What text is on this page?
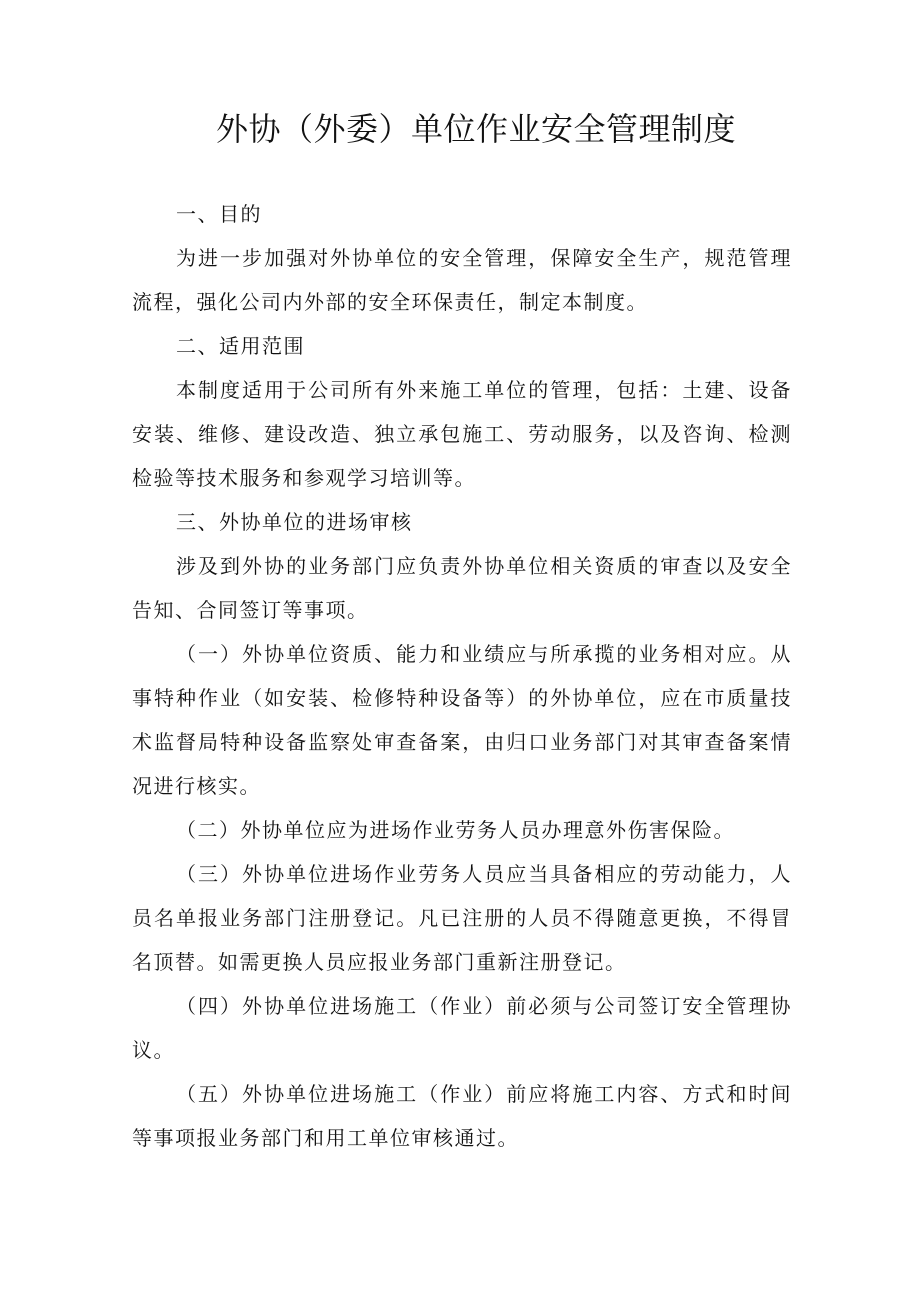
外协（外委）单位作业安全管理制度

一、目的

为进一步加强对外协单位的安全管理，保障安全生产，规范管理流程，强化公司内外部的安全环保责任，制定本制度。

二、适用范围

本制度适用于公司所有外来施工单位的管理，包括：土建、设备安装、维修、建设改造、独立承包施工、劳动服务，以及咨询、检测检验等技术服务和参观学习培训等。

三、外协单位的进场审核

涉及到外协的业务部门应负责外协单位相关资质的审查以及安全告知、合同签订等事项。

（一）外协单位资质、能力和业绩应与所承揽的业务相对应。从事特种作业（如安装、检修特种设备等）的外协单位，应在市质量技术监督局特种设备监察处审查备案，由归口业务部门对其审查备案情况进行核实。

（二）外协单位应为进场作业劳务人员办理意外伤害保险。

（三）外协单位进场作业劳务人员应当具备相应的劳动能力，人员名单报业务部门注册登记。凡已注册的人员不得随意更换，不得冒名顶替。如需更换人员应报业务部门重新注册登记。

（四）外协单位进场施工（作业）前必须与公司签订安全管理协议。

（五）外协单位进场施工（作业）前应将施工内容、方式和时间等事项报业务部门和用工单位审核通过。
